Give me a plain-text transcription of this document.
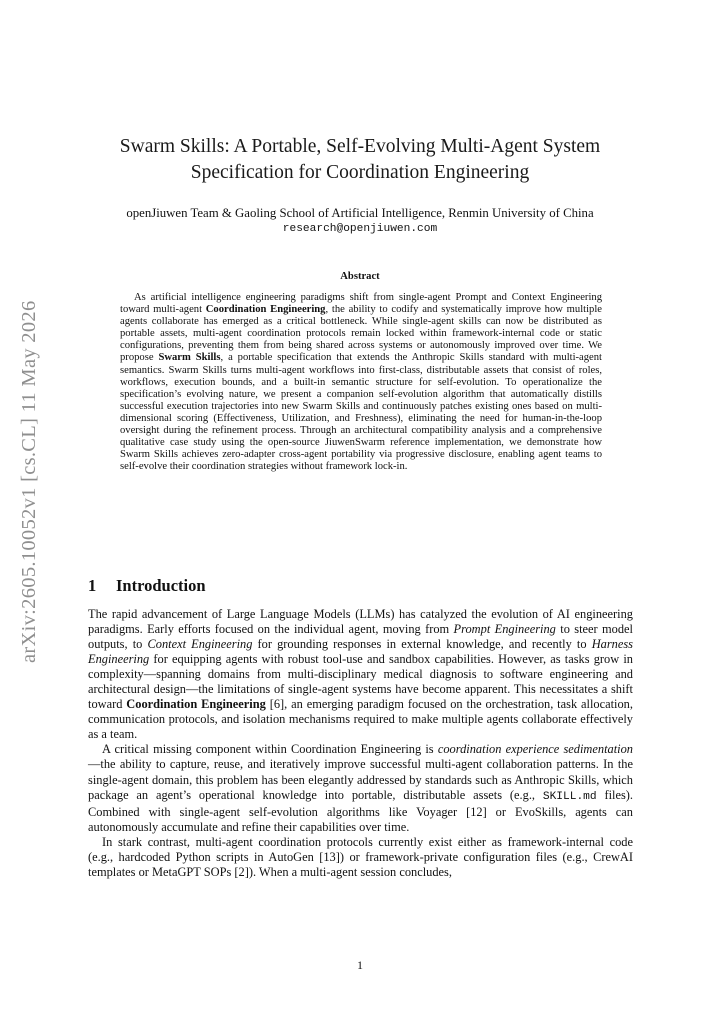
arXiv:2605.10052v1 [cs.CL] 11 May 2026
Swarm Skills: A Portable, Self-Evolving Multi-Agent System
Specification for Coordination Engineering
openJiuwen Team & Gaoling School of Artificial Intelligence, Renmin University of China
research@openjiuwen.com
Abstract

As artificial intelligence engineering paradigms shift from single-agent Prompt and Context Engineering toward multi-agent Coordination Engineering, the ability to codify and systematically improve how multiple agents collaborate has emerged as a critical bottleneck. While single-agent skills can now be distributed as portable assets, multi-agent coordination protocols remain locked within framework-internal code or static configurations, preventing them from being shared across systems or autonomously improved over time. We propose Swarm Skills, a portable specification that extends the Anthropic Skills standard with multi-agent semantics. Swarm Skills turns multi-agent workflows into first-class, distributable assets that consist of roles, workflows, execution bounds, and a built-in semantic structure for self-evolution. To operationalize the specification’s evolving nature, we present a companion self-evolution algorithm that automatically distills successful execution trajectories into new Swarm Skills and continuously patches existing ones based on multi-dimensional scoring (Effectiveness, Utilization, and Freshness), eliminating the need for human-in-the-loop oversight during the refinement process. Through an architectural compatibility analysis and a comprehensive qualitative case study using the open-source JiuwenSwarm reference implementation, we demonstrate how Swarm Skills achieves zero-adapter cross-agent portability via progressive disclosure, enabling agent teams to self-evolve their coordination strategies without framework lock-in.

1 Introduction

The rapid advancement of Large Language Models (LLMs) has catalyzed the evolution of AI engineering paradigms. Early efforts focused on the individual agent, moving from Prompt Engineering to steer model outputs, to Context Engineering for grounding responses in external knowledge, and recently to Harness Engineering for equipping agents with robust tool-use and sandbox capabilities. However, as tasks grow in complexity—spanning domains from multi-disciplinary medical diagnosis to software engineering and architectural design—the limitations of single-agent systems have become apparent. This necessitates a shift toward Coordination Engineering [6], an emerging paradigm focused on the orchestration, task allocation, communication protocols, and isolation mechanisms required to make multiple agents collaborate effectively as a team.

A critical missing component within Coordination Engineering is coordination experience sedimentation—the ability to capture, reuse, and iteratively improve successful multi-agent collaboration patterns. In the single-agent domain, this problem has been elegantly addressed by standards such as Anthropic Skills, which package an agent’s operational knowledge into portable, distributable assets (e.g., SKILL.md files). Combined with single-agent self-evolution algorithms like Voyager [12] or EvoSkills, agents can autonomously accumulate and refine their capabilities over time.

In stark contrast, multi-agent coordination protocols currently exist either as framework-internal code (e.g., hardcoded Python scripts in AutoGen [13]) or framework-private configuration files (e.g., CrewAI templates or MetaGPT SOPs [2]). When a multi-agent session concludes,

1
